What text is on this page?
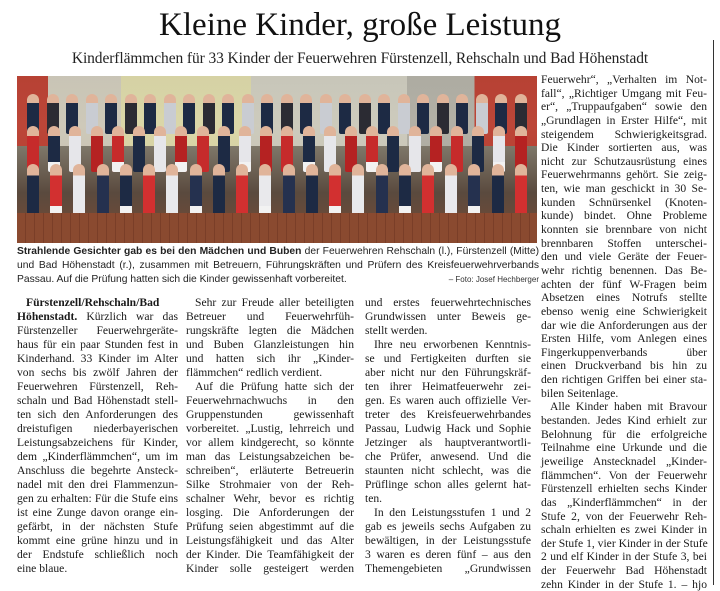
Kleine Kinder, große Leistung
Kinderflämmchen für 33 Kinder der Feuerwehren Fürstenzell, Rehschaln und Bad Höhenstadt
Strahlende Gesichter gab es bei den Mädchen und Buben der Feuerwehren Rehschaln (l.), Fürstenzell (Mitte) und Bad Höhenstadt (r.), zusammen mit Betreuern, Führungskräften und Prüfern des Kreisfeuerwehrverbands Passau. Auf die Prüfung hatten sich die Kinder gewissenhaft vorbereitet.	– Foto: Josef Hechberger
Fürstenzell/Rehschaln/Bad
Höhenstadt. Kürzlich war das
Fürstenzeller Feuerwehrgeräte-
haus für ein paar Stunden fest in
Kinderhand. 33 Kinder im Alter
von sechs bis zwölf Jahren der
Feuerwehren Fürstenzell, Reh-
schaln und Bad Höhenstadt stell-
ten sich den Anforderungen des
dreistufigen niederbayerischen
Leistungsabzeichens für Kinder,
dem „Kinderflämmchen“, um im
Anschluss die begehrte Ansteck-
nadel mit den drei Flammenzun-
gen zu erhalten: Für die Stufe eins
ist eine Zunge davon orange ein-
gefärbt, in der nächsten Stufe
kommt eine grüne hinzu und in
der Endstufe schließlich noch
eine blaue.
Sehr zur Freude aller beteiligten
Betreuer und Feuerwehrfüh-
rungskräfte legten die Mädchen
und Buben Glanzleistungen hin
und hatten sich ihr „Kinder-
flämmchen“ redlich verdient.
Auf die Prüfung hatte sich der
Feuerwehrnachwuchs in den
Gruppenstunden gewissenhaft
vorbereitet. „Lustig, lehrreich und
vor allem kindgerecht, so könnte
man das Leistungsabzeichen be-
schreiben“, erläuterte Betreuerin
Silke Strohmaier von der Reh-
schalner Wehr, bevor es richtig
losging. Die Anforderungen der
Prüfung seien abgestimmt auf die
Leistungsfähigkeit und das Alter
der Kinder. Die Teamfähigkeit der
Kinder solle gesteigert werden
und erstes feuerwehrtechnisches
Grundwissen unter Beweis ge-
stellt werden.
Ihre neu erworbenen Kenntnis-
se und Fertigkeiten durften sie
aber nicht nur den Führungskräf-
ten ihrer Heimatfeuerwehr zei-
gen. Es waren auch offizielle Ver-
treter des Kreisfeuerwehrbandes
Passau, Ludwig Hack und Sophie
Jetzinger als hauptverantwortli-
che Prüfer, anwesend. Und die
staunten nicht schlecht, was die
Prüflinge schon alles gelernt hat-
ten.
In den Leistungsstufen 1 und 2
gab es jeweils sechs Aufgaben zu
bewältigen, in der Leistungsstufe
3 waren es deren fünf – aus den
Themengebieten „Grundwissen
Feuerwehr“, „Verhalten im Not-
fall“, „Richtiger Umgang mit Feu-
er“, „Truppaufgaben“ sowie den
„Grundlagen in Erster Hilfe“, mit
steigendem Schwierigkeitsgrad.
Die Kinder sortierten aus, was
nicht zur Schutzausrüstung eines
Feuerwehrmanns gehört. Sie zeig-
ten, wie man geschickt in 30 Se-
kunden Schnürsenkel (Knoten-
kunde) bindet. Ohne Probleme
konnten sie brennbare von nicht
brennbaren Stoffen unterschei-
den und viele Geräte der Feuer-
wehr richtig benennen. Das Be-
achten der fünf W-Fragen beim
Absetzen eines Notrufs stellte
ebenso wenig eine Schwierigkeit
dar wie die Anforderungen aus der
Ersten Hilfe, vom Anlegen eines
Fingerkuppenverbands über
einen Druckverband bis hin zu
den richtigen Griffen bei einer sta-
bilen Seitenlage.
Alle Kinder haben mit Bravour
bestanden. Jedes Kind erhielt zur
Belohnung für die erfolgreiche
Teilnahme eine Urkunde und die
jeweilige Anstecknadel „Kinder-
flämmchen“. Von der Feuerwehr
Fürstenzell erhielten sechs Kinder
das „Kinderflämmchen“ in der
Stufe 2, von der Feuerwehr Reh-
schaln erhielten es zwei Kinder in
der Stufe 1, vier Kinder in der Stufe
2 und elf Kinder in der Stufe 3, bei
der Feuerwehr Bad Höhenstadt
zehn Kinder in der Stufe 1. – hjo
